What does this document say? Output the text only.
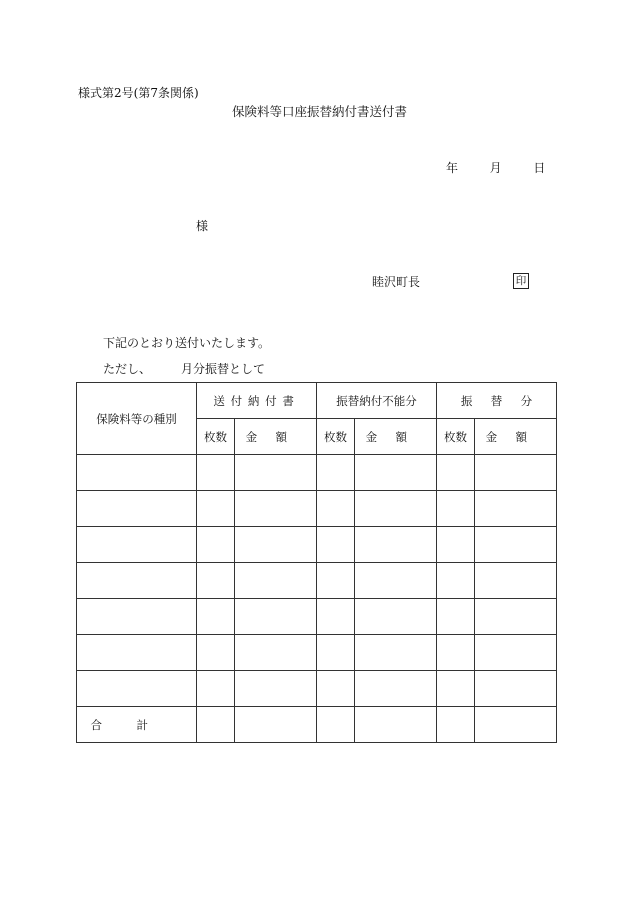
様式第2号(第7条関係)
保険料等口座振替納付書送付書
年	月	日
様
睦沢町長	印
下記のとおり送付いたします。
ただし、	月分振替として
保険料等の種別	送付納付書		振替納付不能分		振替分	
	枚数	金額	枚数	金額	枚数	金額

合計						
